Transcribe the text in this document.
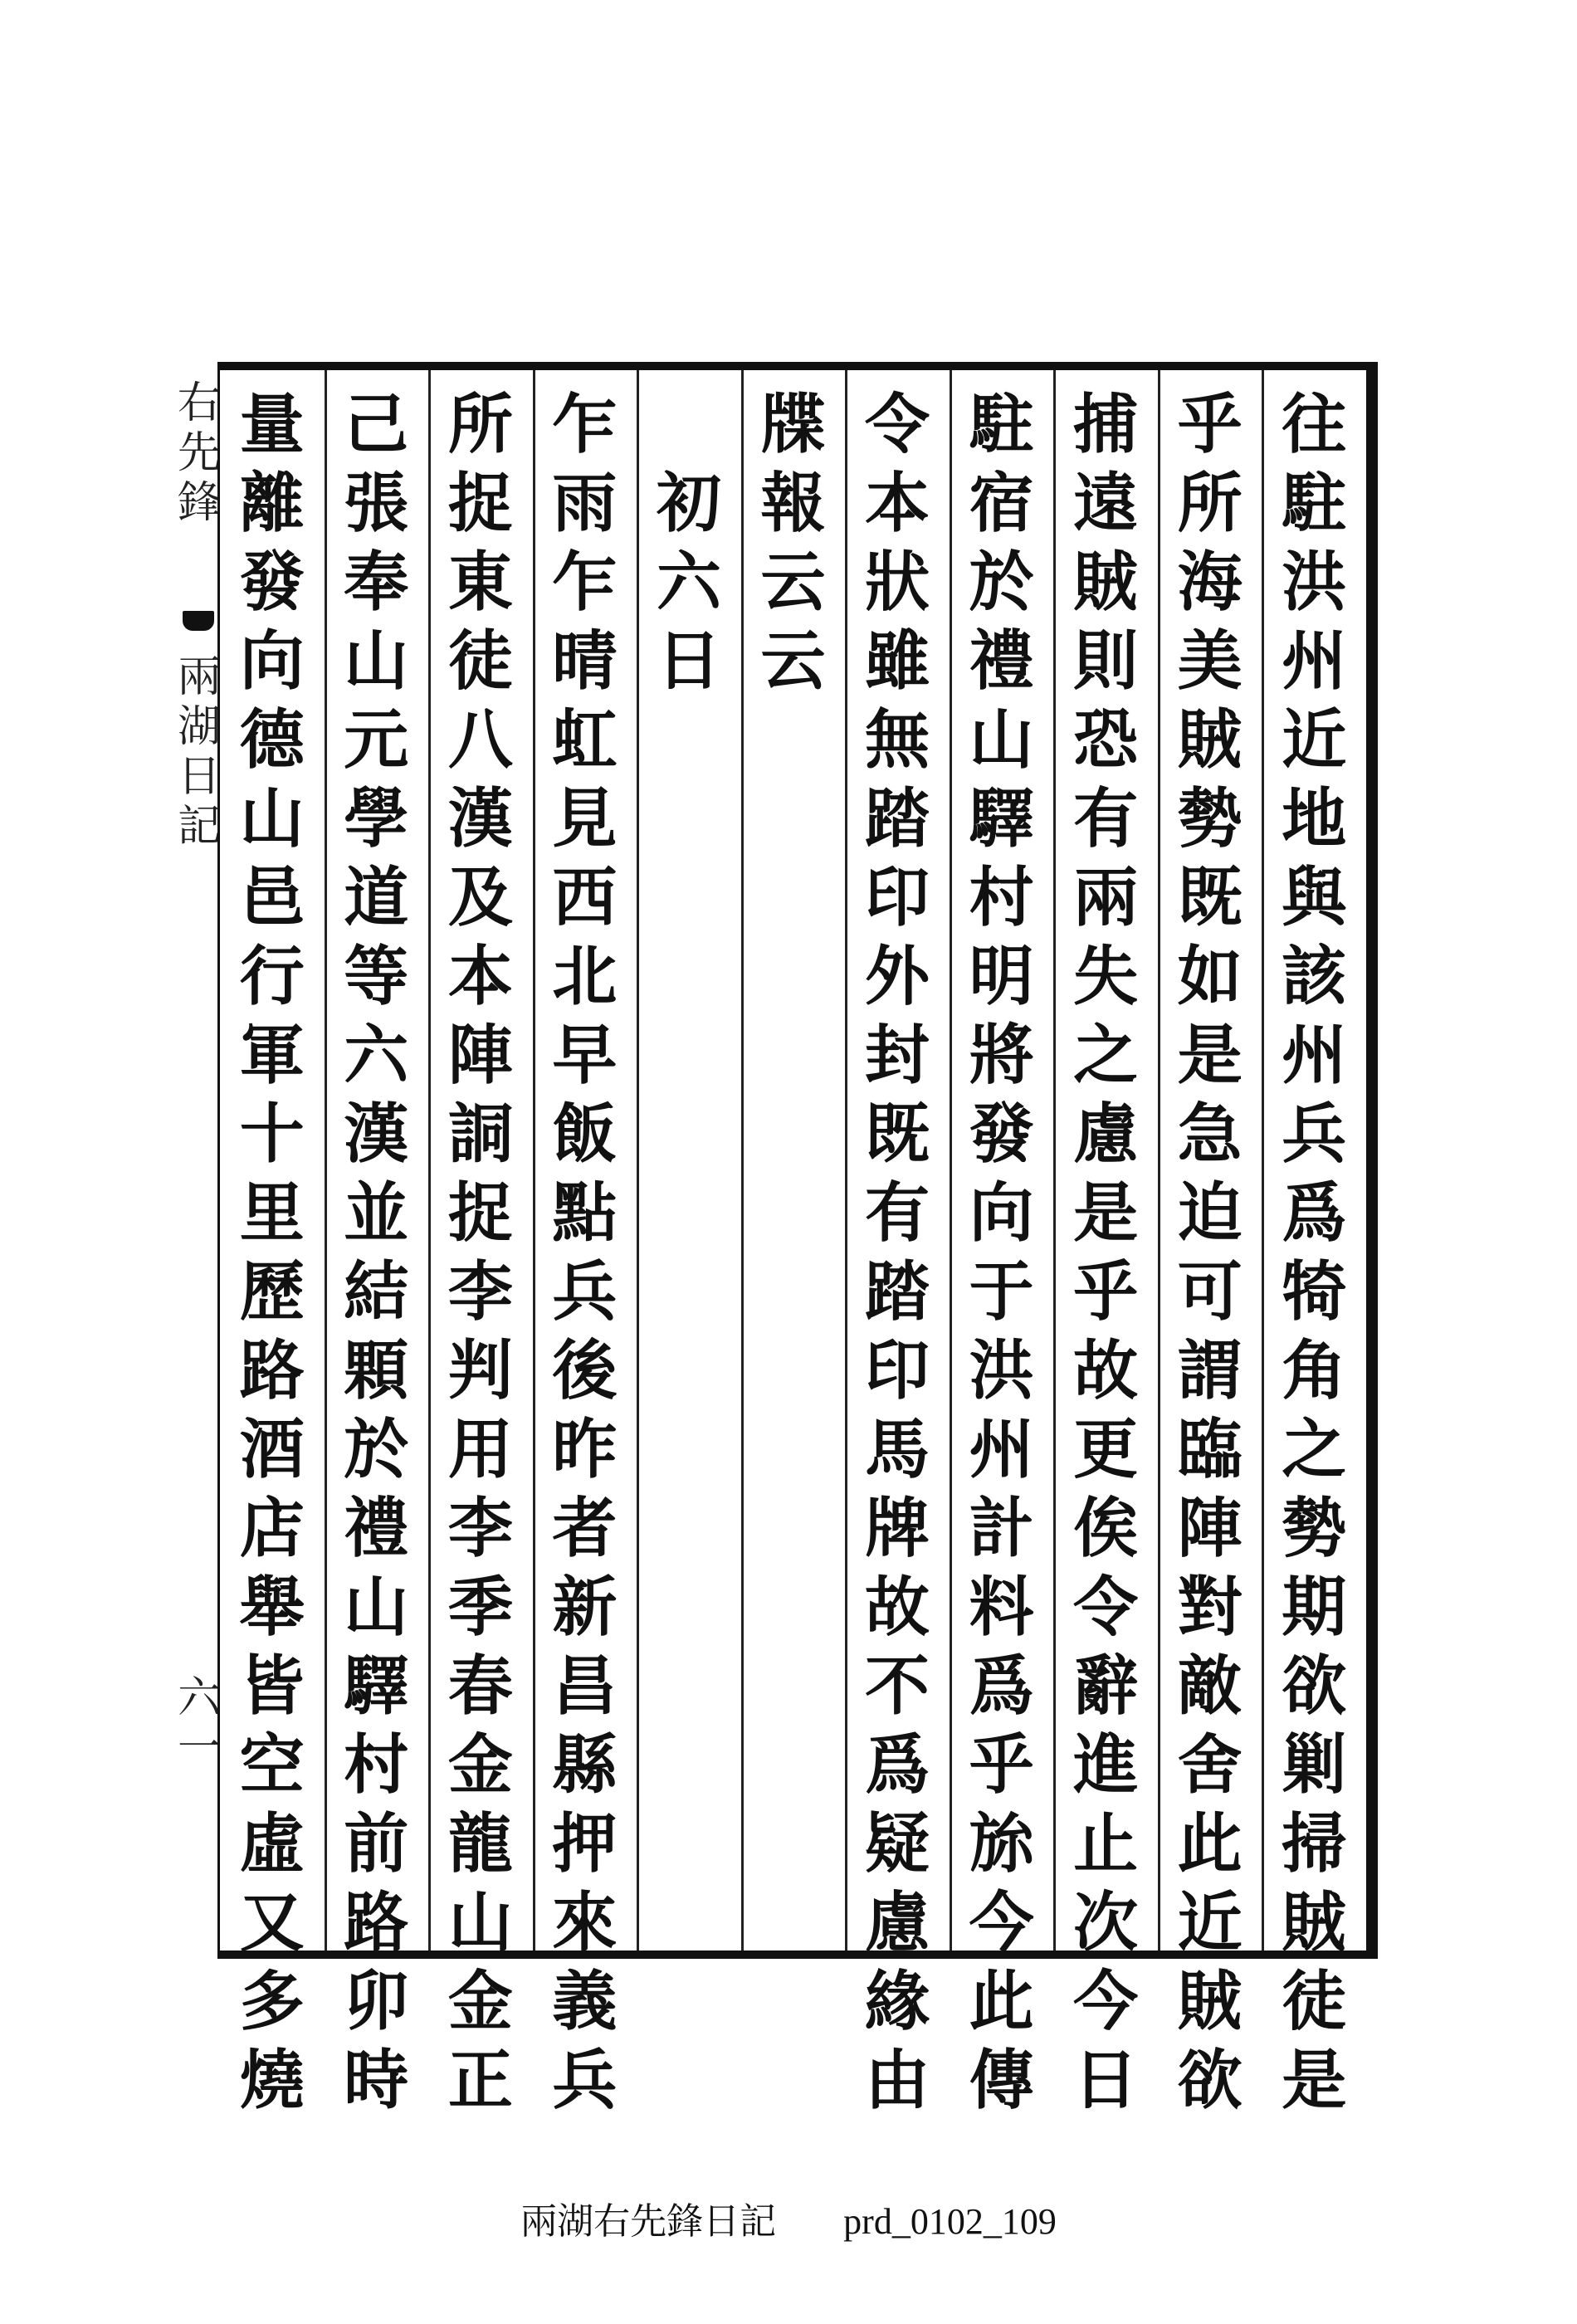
右
先
鋒
兩
湖
日
記
六一
往
駐
洪
州
近
地
與
該
州
兵
爲
犄
角
之
勢
期
欲
剿
掃
賊
徒
是
乎
所
海
美
賊
勢
既
如
是
急
迫
可
謂
臨
陣
對
敵
舍
此
近
賊
欲
捕
遠
賊
則
恐
有
兩
失
之
慮
是
乎
故
更
俟
令
辭
進
止
次
今
日
駐
宿
於
禮
山
驛
村
明
將
發
向
于
洪
州
計
料
爲
乎
旀
今
此
傳
令
本
狀
雖
無
踏
印
外
封
既
有
踏
印
馬
牌
故
不
爲
疑
慮
緣
由
牒
報
云
云

初
六
日
乍
雨
乍
晴
虹
見
西
北
早
飯
點
兵
後
昨
者
新
昌
縣
押
來
義
兵
所
捉
東
徒
八
漢
及
本
陣
詷
捉
李
判
用
李
季
春
金
龍
山
金
正
己
張
奉
山
元
學
道
等
六
漢
並
結
顆
於
禮
山
驛
村
前
路
卯
時
量
離
發
向
德
山
邑
行
軍
十
里
歷
路
酒
店
舉
皆
空
虛
又
多
燒
兩湖右先鋒日記 prd_0102_109
